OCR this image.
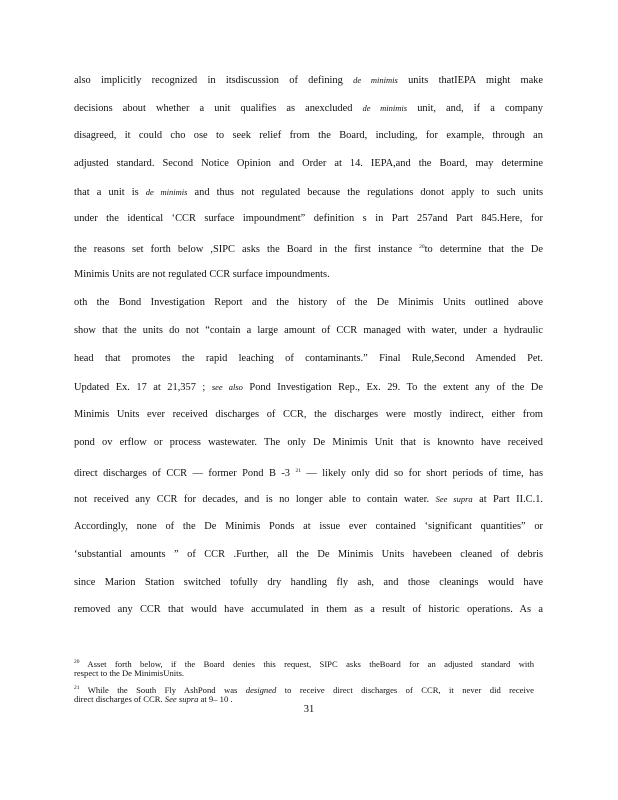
also implicitly recognized in itsdiscussion of defining de minimis units thatIEPA might make
decisions about whether a unit qualifies as anexcluded de minimis unit, and, if a company
disagreed, it could cho ose to seek relief from the Board, including, for example, through an
adjusted standard. Second Notice Opinion and Order at 14. IEPA,and the Board, may determine
that a unit is de minimis and thus not regulated because the regulations donot apply to such units
under the identical ‘CCR surface impoundment” definition s in Part 257and Part 845.Here, for
the reasons set forth below ,SIPC asks the Board in the first instance $^{20}$to determine that the De
Minimis Units are not regulated CCR surface impoundments.
oth the Bond Investigation Report and the history of the De Minimis Units outlined above
show that the units do not “contain a large amount of CCR managed with water, under a hydraulic
head that promotes the rapid leaching of contaminants.” Final Rule,Second Amended Pet.
Updated Ex. 17 at 21,357 ; see also Pond Investigation Rep., Ex. 29. To the extent any of the De
Minimis Units ever received discharges of CCR, the discharges were mostly indirect, either from
pond ov erflow or process wastewater. The only De Minimis Unit that is knownto have received
direct discharges of CCR — former Pond B -3 $^{21}$ — likely only did so for short periods of time, has
not received any CCR for decades, and is no longer able to contain water. See supra at Part II.C.1.
Accordingly, none of the De Minimis Ponds at issue ever contained ‘significant quantities” or
‘substantial amounts ” of CCR .Further, all the De Minimis Units havebeen cleaned of debris
since Marion Station switched tofully dry handling fly ash, and those cleanings would have
removed any CCR that would have accumulated in them as a result of historic operations. As a
$^{20}$ Asset forth below, if the Board denies this request, SIPC asks theBoard for an adjusted standard with
respect to the De MinimisUnits.
$^{21}$ While the South Fly AshPond was designed to receive direct discharges of CCR, it never did receive
direct discharges of CCR. See supra at 9– 10 .
31
